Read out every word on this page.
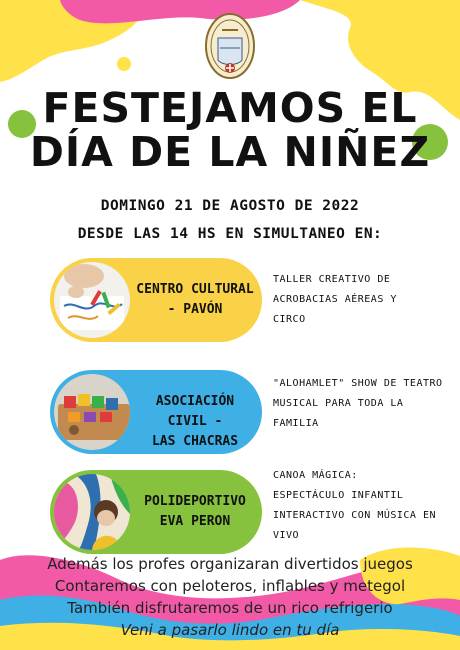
FESTEJAMOS EL
DÍA DE LA NIÑEZ
DOMINGO 21 DE AGOSTO DE 2022
DESDE LAS 14 HS EN SIMULTANEO EN:
CENTRO CULTURAL
- PAVÓN
TALLER CREATIVO DE
ACROBACIAS AÉREAS Y
CIRCO
ASOCIACIÓN CIVIL -
LAS CHACRAS
"ALOHAMLET" SHOW DE TEATRO
MUSICAL PARA TODA LA
FAMILIA
POLIDEPORTIVO
EVA PERON
CANOA MÁGICA:
ESPECTÁCULO INFANTIL
INTERACTIVO CON MÚSICA EN
VIVO
Además los profes organizaran divertidos juegos
Contaremos con peloteros, inflables y metegol
También disfrutaremos de un rico refrigerio
Veni a pasarlo lindo en tu día
